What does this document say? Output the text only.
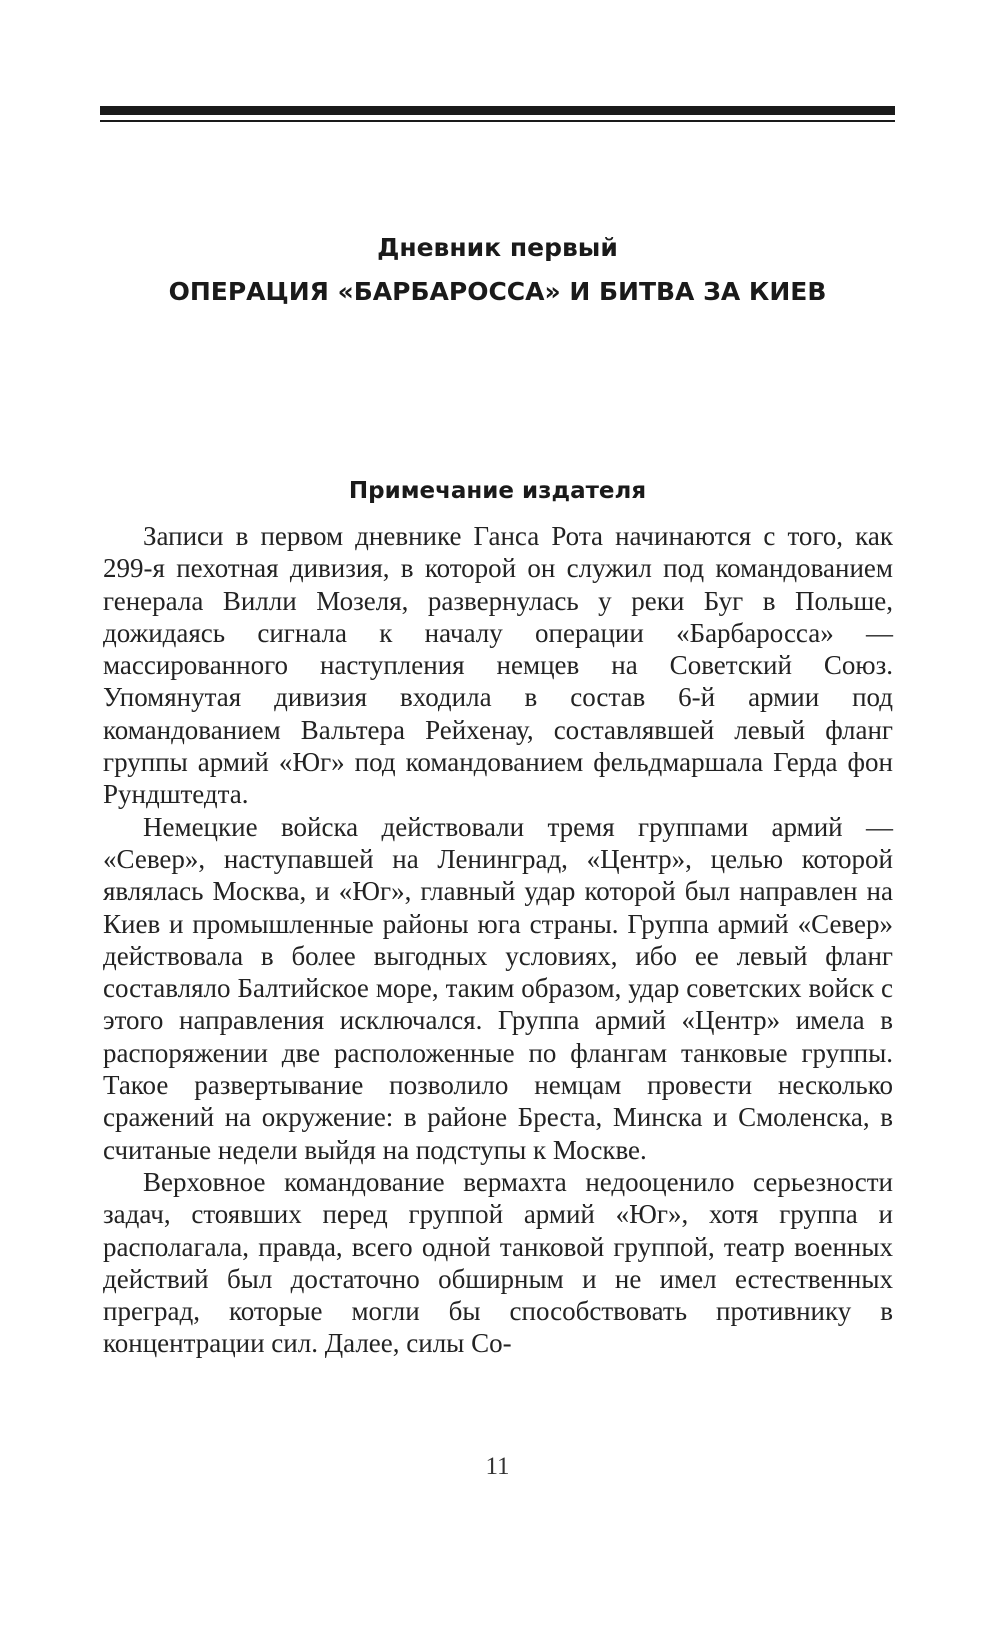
Дневник первый
ОПЕРАЦИЯ «БАРБАРОССА» И БИТВА ЗА КИЕВ
Примечание издателя

Записи в первом дневнике Ганса Рота начинаются с того, как 299-я пехотная дивизия, в которой он служил под командованием генерала Вилли Мозеля, развернулась у реки Буг в Польше, дожидаясь сигнала к началу операции «Барбаросса» — массированного наступления немцев на Советский Союз. Упомянутая дивизия входила в состав 6-й армии под командованием Вальтера Рейхенау, составлявшей левый фланг группы армий «Юг» под командованием фельдмаршала Герда фон Рундштедта.

Немецкие войска действовали тремя группами армий — «Север», наступавшей на Ленинград, «Центр», целью которой являлась Москва, и «Юг», главный удар которой был направлен на Киев и промышленные районы юга страны. Группа армий «Север» действовала в более выгодных условиях, ибо ее левый фланг составляло Балтийское море, таким образом, удар советских войск с этого направления исключался. Группа армий «Центр» имела в распоряжении две расположенные по флангам танковые группы. Такое развертывание позволило немцам провести несколько сражений на окружение: в районе Бреста, Минска и Смоленска, в считаные недели выйдя на подступы к Москве.

Верховное командование вермахта недооценило серьезности задач, стоявших перед группой армий «Юг», хотя группа и располагала, правда, всего одной танковой группой, театр военных действий был достаточно обширным и не имел естественных преград, которые могли бы способствовать противнику в концентрации сил. Далее, силы Со-

11
